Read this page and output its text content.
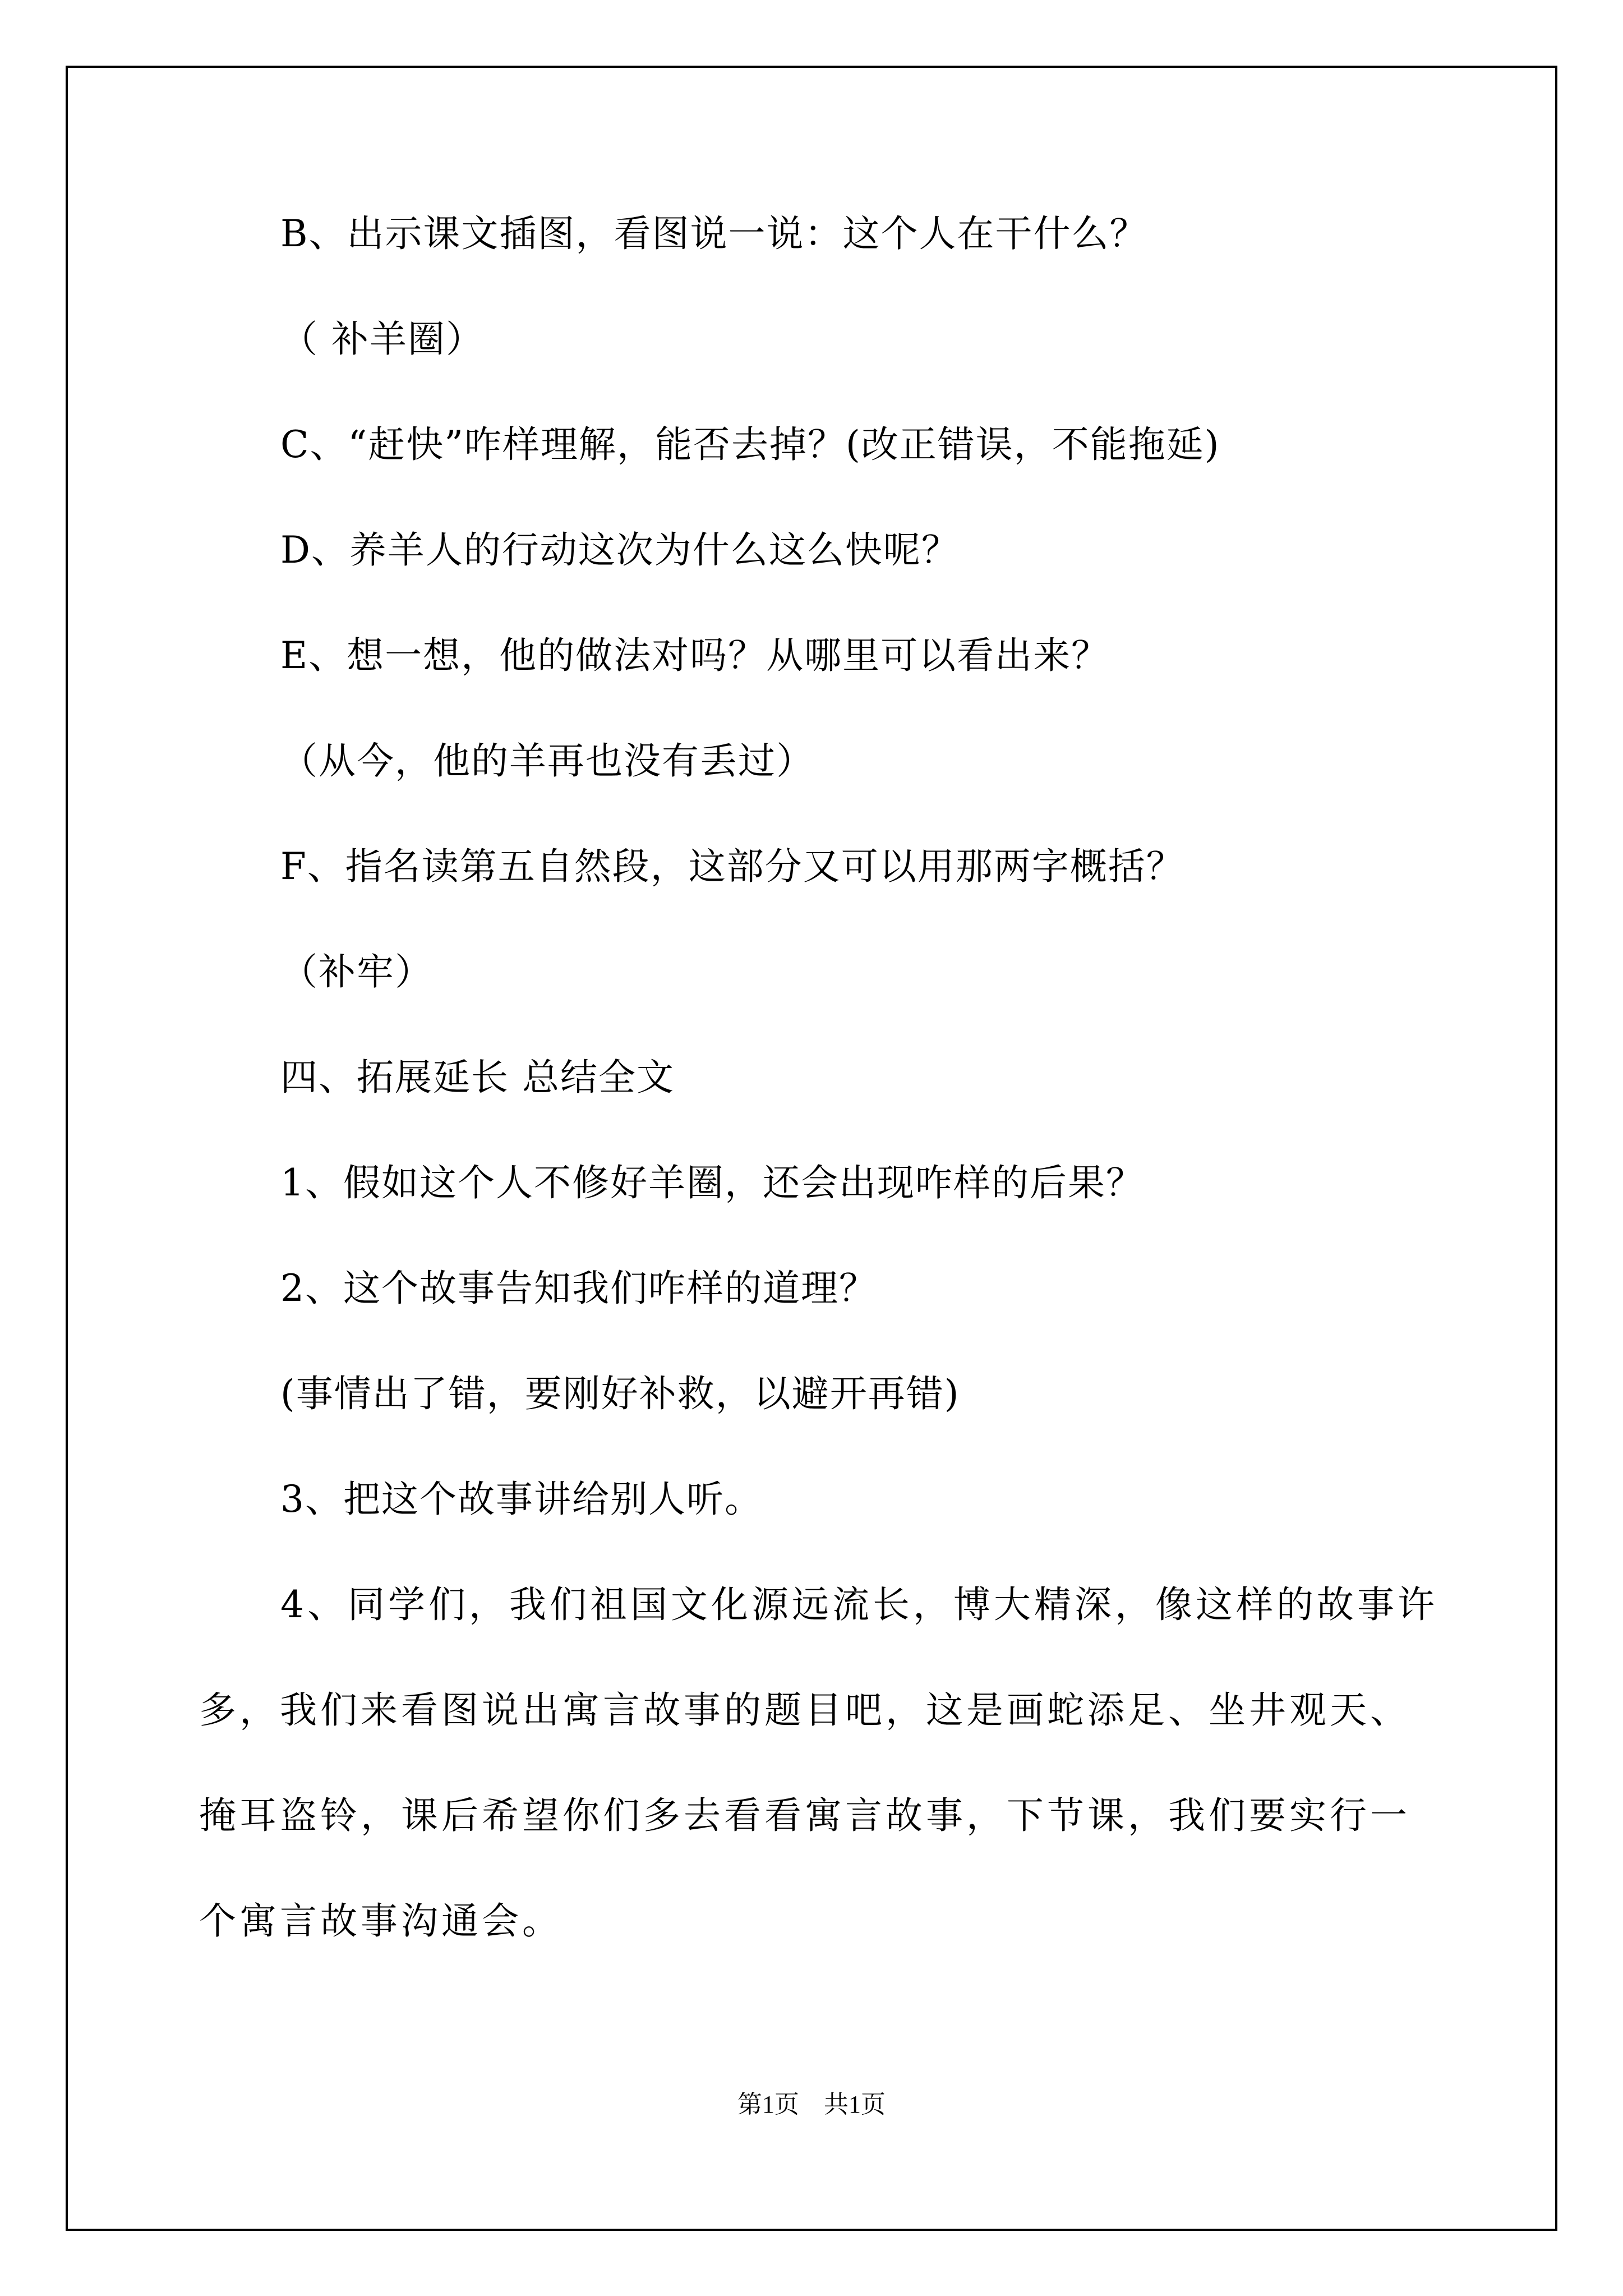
B、出示课文插图，看图说一说：这个人在干什么？

（ 补羊圈）

C、“赶快”咋样理解，能否去掉？(改正错误，不能拖延)

D、养羊人的行动这次为什么这么快呢？

E、想一想，他的做法对吗？从哪里可以看出来？

（从今，他的羊再也没有丢过）

F、指名读第五自然段，这部分又可以用那两字概括？

（补牢）

四、拓展延长 总结全文

1、假如这个人不修好羊圈，还会出现咋样的后果？

2、这个故事告知我们咋样的道理？

(事情出了错，要刚好补救，以避开再错)

3、把这个故事讲给别人听。

4、同学们，我们祖国文化源远流长，博大精深，像这样的故事许
多，我们来看图说出寓言故事的题目吧，这是画蛇添足、坐井观天、
掩耳盗铃，课后希望你们多去看看寓言故事，下节课，我们要实行一
个寓言故事沟通会。
第1页　共1页
